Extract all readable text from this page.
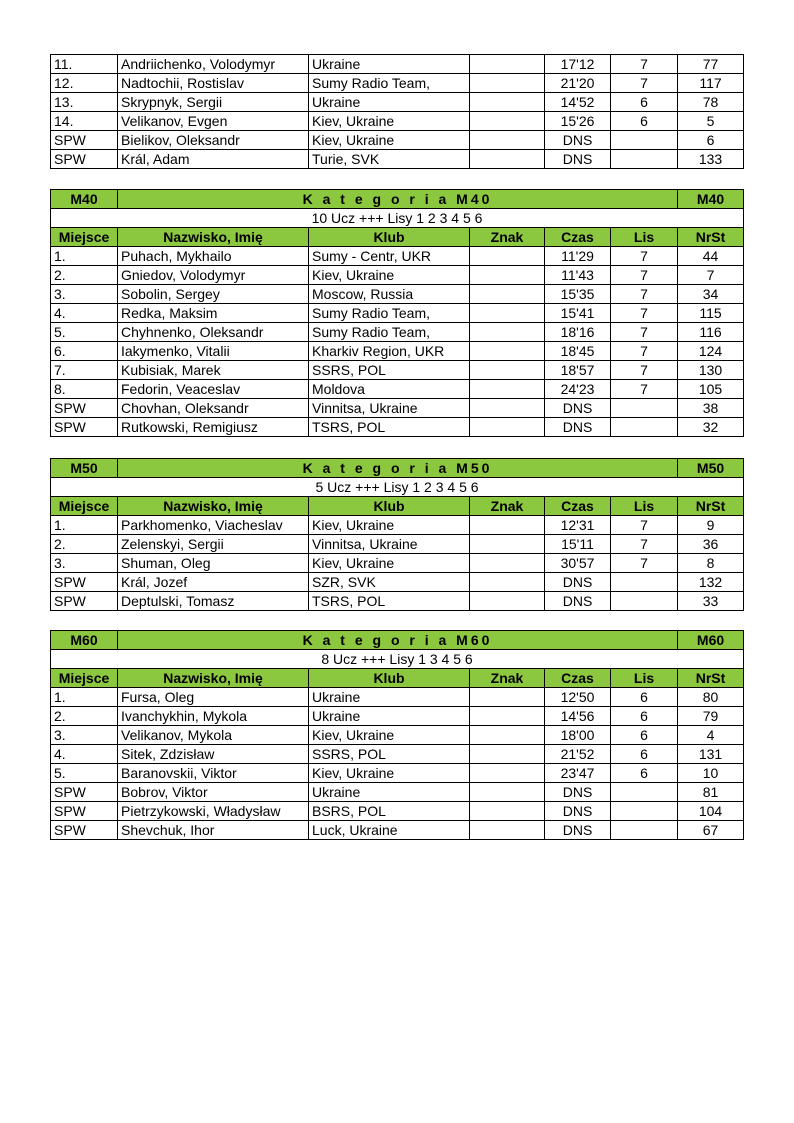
11.	Andriichenko, Volodymyr	Ukraine		17'12	7	77
12.	Nadtochii, Rostislav	Sumy Radio Team,		21'20	7	117
13.	Skrypnyk, Sergii	Ukraine		14'52	6	78
14.	Velikanov, Evgen	Kiev, Ukraine		15'26	6	5
SPW	Bielikov, Oleksandr	Kiev, Ukraine		DNS		6
SPW	Král, Adam	Turie, SVK		DNS		133
M40	K a t e g o r i a M40					M40
10 Ucz +++ Lisy 1 2 3 4 5 6						
Miejsce	Nazwisko, Imię	Klub	Znak	Czas	Lis	NrSt
1.	Puhach, Mykhailo	Sumy - Centr, UKR		11'29	7	44
2.	Gniedov, Volodymyr	Kiev, Ukraine		11'43	7	7
3.	Sobolin, Sergey	Moscow, Russia		15'35	7	34
4.	Redka, Maksim	Sumy Radio Team,		15'41	7	115
5.	Chyhnenko, Oleksandr	Sumy Radio Team,		18'16	7	116
6.	Iakymenko, Vitalii	Kharkiv Region, UKR		18'45	7	124
7.	Kubisiak, Marek	SSRS, POL		18'57	7	130
8.	Fedorin, Veaceslav	Moldova		24'23	7	105
SPW	Chovhan, Oleksandr	Vinnitsa, Ukraine		DNS		38
SPW	Rutkowski, Remigiusz	TSRS, POL		DNS		32
M50	K a t e g o r i a M50					M50
5 Ucz +++ Lisy 1 2 3 4 5 6						
Miejsce	Nazwisko, Imię	Klub	Znak	Czas	Lis	NrSt
1.	Parkhomenko, Viacheslav	Kiev, Ukraine		12'31	7	9
2.	Zelenskyi, Sergii	Vinnitsa, Ukraine		15'11	7	36
3.	Shuman, Oleg	Kiev, Ukraine		30'57	7	8
SPW	Král, Jozef	SZR, SVK		DNS		132
SPW	Deptulski, Tomasz	TSRS, POL		DNS		33
M60	K a t e g o r i a M60					M60
8 Ucz +++ Lisy 1 3 4 5 6						
Miejsce	Nazwisko, Imię	Klub	Znak	Czas	Lis	NrSt
1.	Fursa, Oleg	Ukraine		12'50	6	80
2.	Ivanchykhin, Mykola	Ukraine		14'56	6	79
3.	Velikanov, Mykola	Kiev, Ukraine		18'00	6	4
4.	Sitek, Zdzisław	SSRS, POL		21'52	6	131
5.	Baranovskii, Viktor	Kiev, Ukraine		23'47	6	10
SPW	Bobrov, Viktor	Ukraine		DNS		81
SPW	Pietrzykowski, Władysław	BSRS, POL		DNS		104
SPW	Shevchuk, Ihor	Luck, Ukraine		DNS		67
